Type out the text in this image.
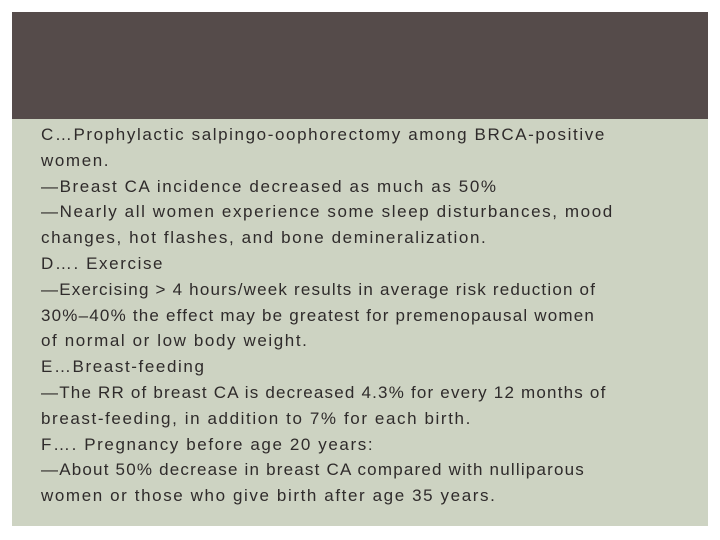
C…Prophylactic salpingo-oophorectomy among BRCA-positive
women.
—Breast CA incidence decreased as much as 50%
—Nearly all women experience some sleep disturbances, mood
changes, hot flashes, and bone demineralization.
D…. Exercise
—Exercising > 4 hours/week results in average risk reduction of
30%–40% the effect may be greatest for premenopausal women
of normal or low body weight.
E…Breast-feeding
—The RR of breast CA is decreased 4.3% for every 12 months of
breast-feeding, in addition to 7% for each birth.
F…. Pregnancy before age 20 years:
—About 50% decrease in breast CA compared with nulliparous
women or those who give birth after age 35 years.
